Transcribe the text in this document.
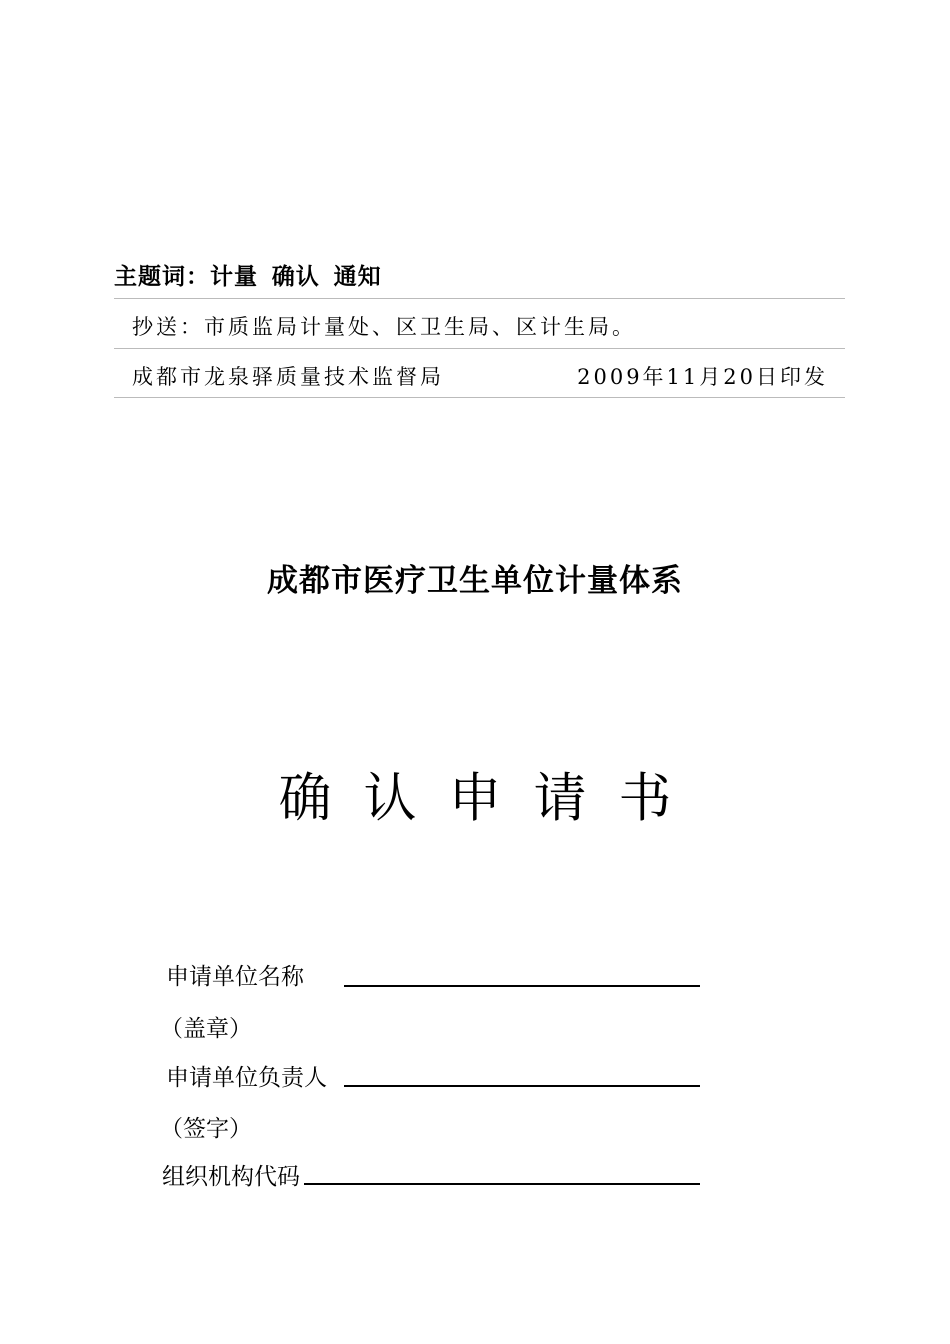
主题词：计量 确认 通知
抄送：市质监局计量处、区卫生局、区计生局。
成都市龙泉驿质量技术监督局	2009年11月20日印发
成都市医疗卫生单位计量体系
确认申请书
申请单位名称
（盖章）
申请单位负责人
（签字）
组织机构代码
